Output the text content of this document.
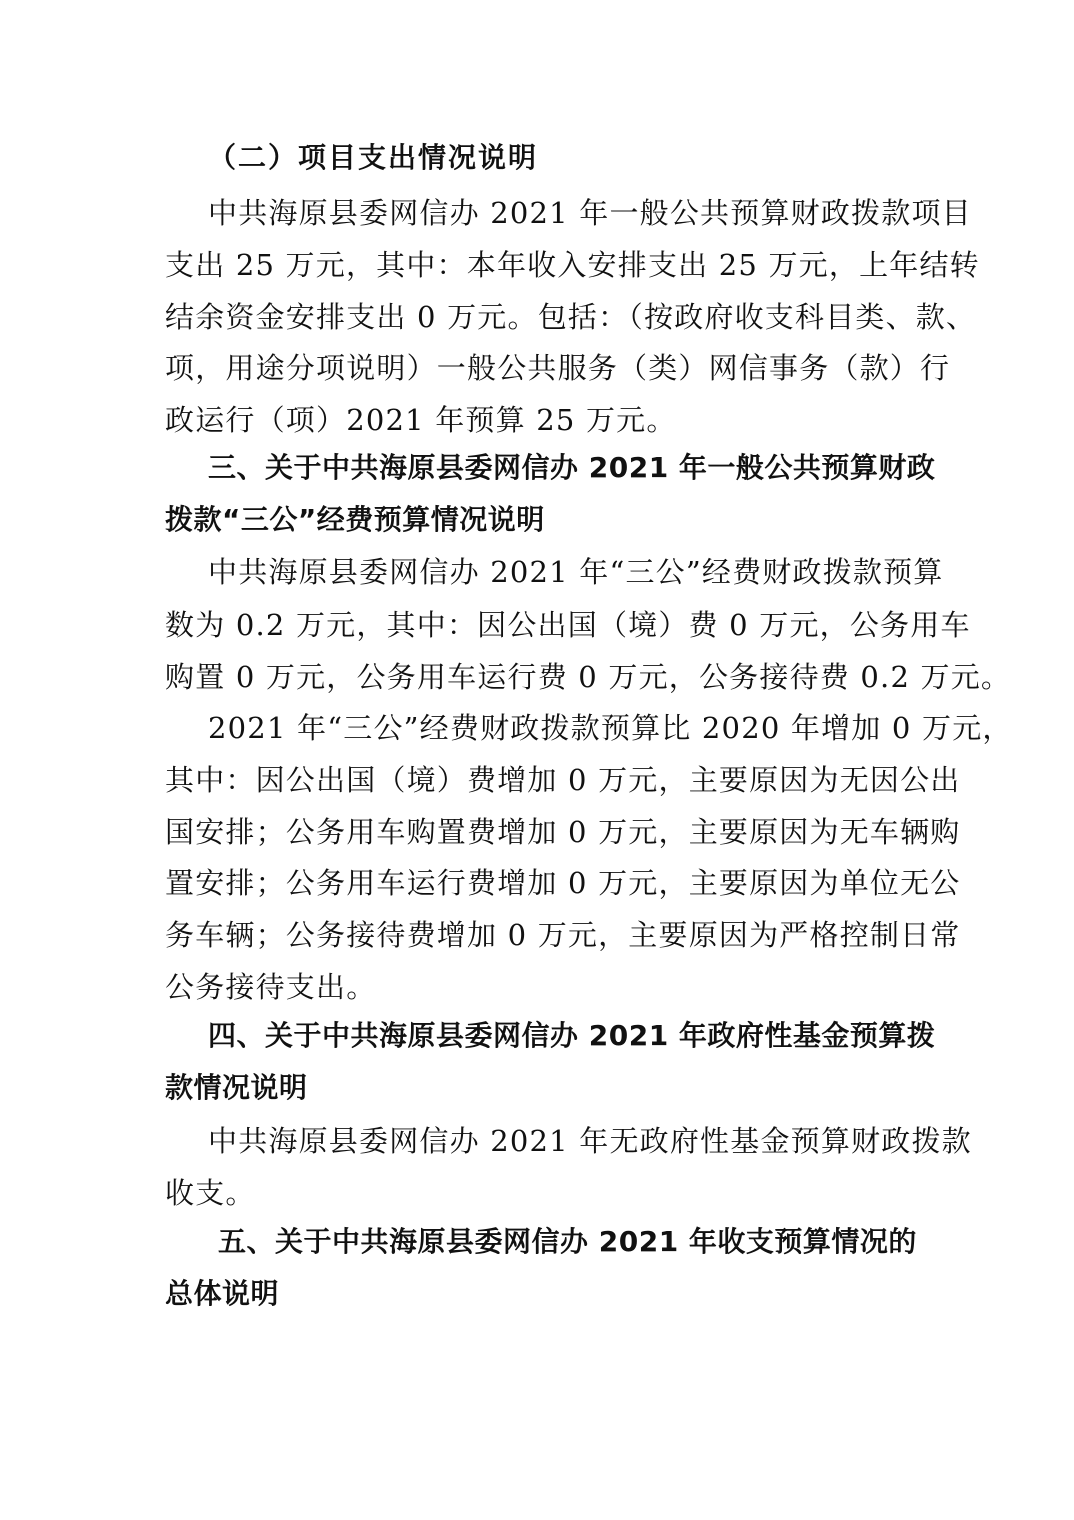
（二）项目支出情况说明
中共海原县委网信办 2021 年一般公共预算财政拨款项目
支出 25 万元，其中：本年收入安排支出 25 万元，上年结转
结余资金安排支出 0 万元。包括：（按政府收支科目类、款、
项，用途分项说明）一般公共服务（类）网信事务（款）行
政运行（项）2021 年预算 25 万元。
三、关于中共海原县委网信办 2021 年一般公共预算财政
拨款“三公”经费预算情况说明
中共海原县委网信办 2021 年“三公”经费财政拨款预算
数为 0.2 万元，其中：因公出国（境）费 0 万元，公务用车
购置 0 万元，公务用车运行费 0 万元，公务接待费 0.2 万元。
2021 年“三公”经费财政拨款预算比 2020 年增加 0 万元，
其中：因公出国（境）费增加 0 万元，主要原因为无因公出
国安排；公务用车购置费增加 0 万元，主要原因为无车辆购
置安排；公务用车运行费增加 0 万元，主要原因为单位无公
务车辆；公务接待费增加 0 万元，主要原因为严格控制日常
公务接待支出。
四、关于中共海原县委网信办 2021 年政府性基金预算拨
款情况说明
中共海原县委网信办 2021 年无政府性基金预算财政拨款
收支。
五、关于中共海原县委网信办 2021 年收支预算情况的
总体说明
